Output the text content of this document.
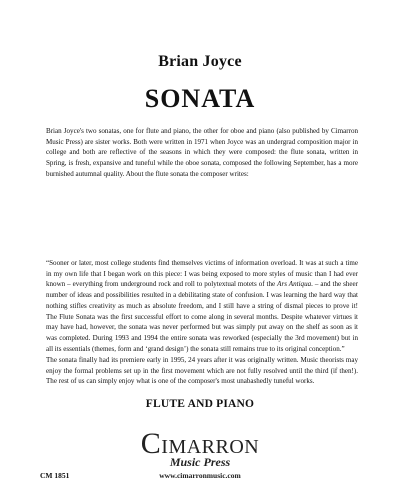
Brian Joyce
SONATA

Brian Joyce's two sonatas, one for flute and piano, the other for oboe and piano (also published by Cimarron Music Press) are sister works. Both were written in 1971 when Joyce was an undergrad composition major in college and both are reflective of the seasons in which they were composed: the flute sonata, written in Spring, is fresh, expansive and tuneful while the oboe sonata, composed the following September, has a more burnished autumnal quality. About the flute sonata the composer writes:

“Sooner or later, most college students find themselves victims of information overload. It was at such a time in my own life that I began work on this piece: I was being exposed to more styles of music than I had ever known – everything from underground rock and roll to polytextual motets of the Ars Antiqua. – and the sheer number of ideas and possibilities resulted in a debilitating state of confusion. I was learning the hard way that nothing stifles creativity as much as absolute freedom, and I still have a string of dismal pieces to prove it! The Flute Sonata was the first successful effort to come along in several months. Despite whatever virtues it may have had, however, the sonata was never performed but was simply put away on the shelf as soon as it was completed. During 1993 and 1994 the entire sonata was reworked (especially the 3rd movement) but in all its essentials (themes, form and ‘grand design’) the sonata still remains true to its original conception.”

The sonata finally had its premiere early in 1995, 24 years after it was originally written. Music theorists may enjoy the formal problems set up in the first movement which are not fully resolved until the third (if then!). The rest of us can simply enjoy what is one of the composer's most unabashedly tuneful works.

FLUTE AND PIANO
CIMARRON
Music Press
www.cimarronmusic.com
CM 1851
